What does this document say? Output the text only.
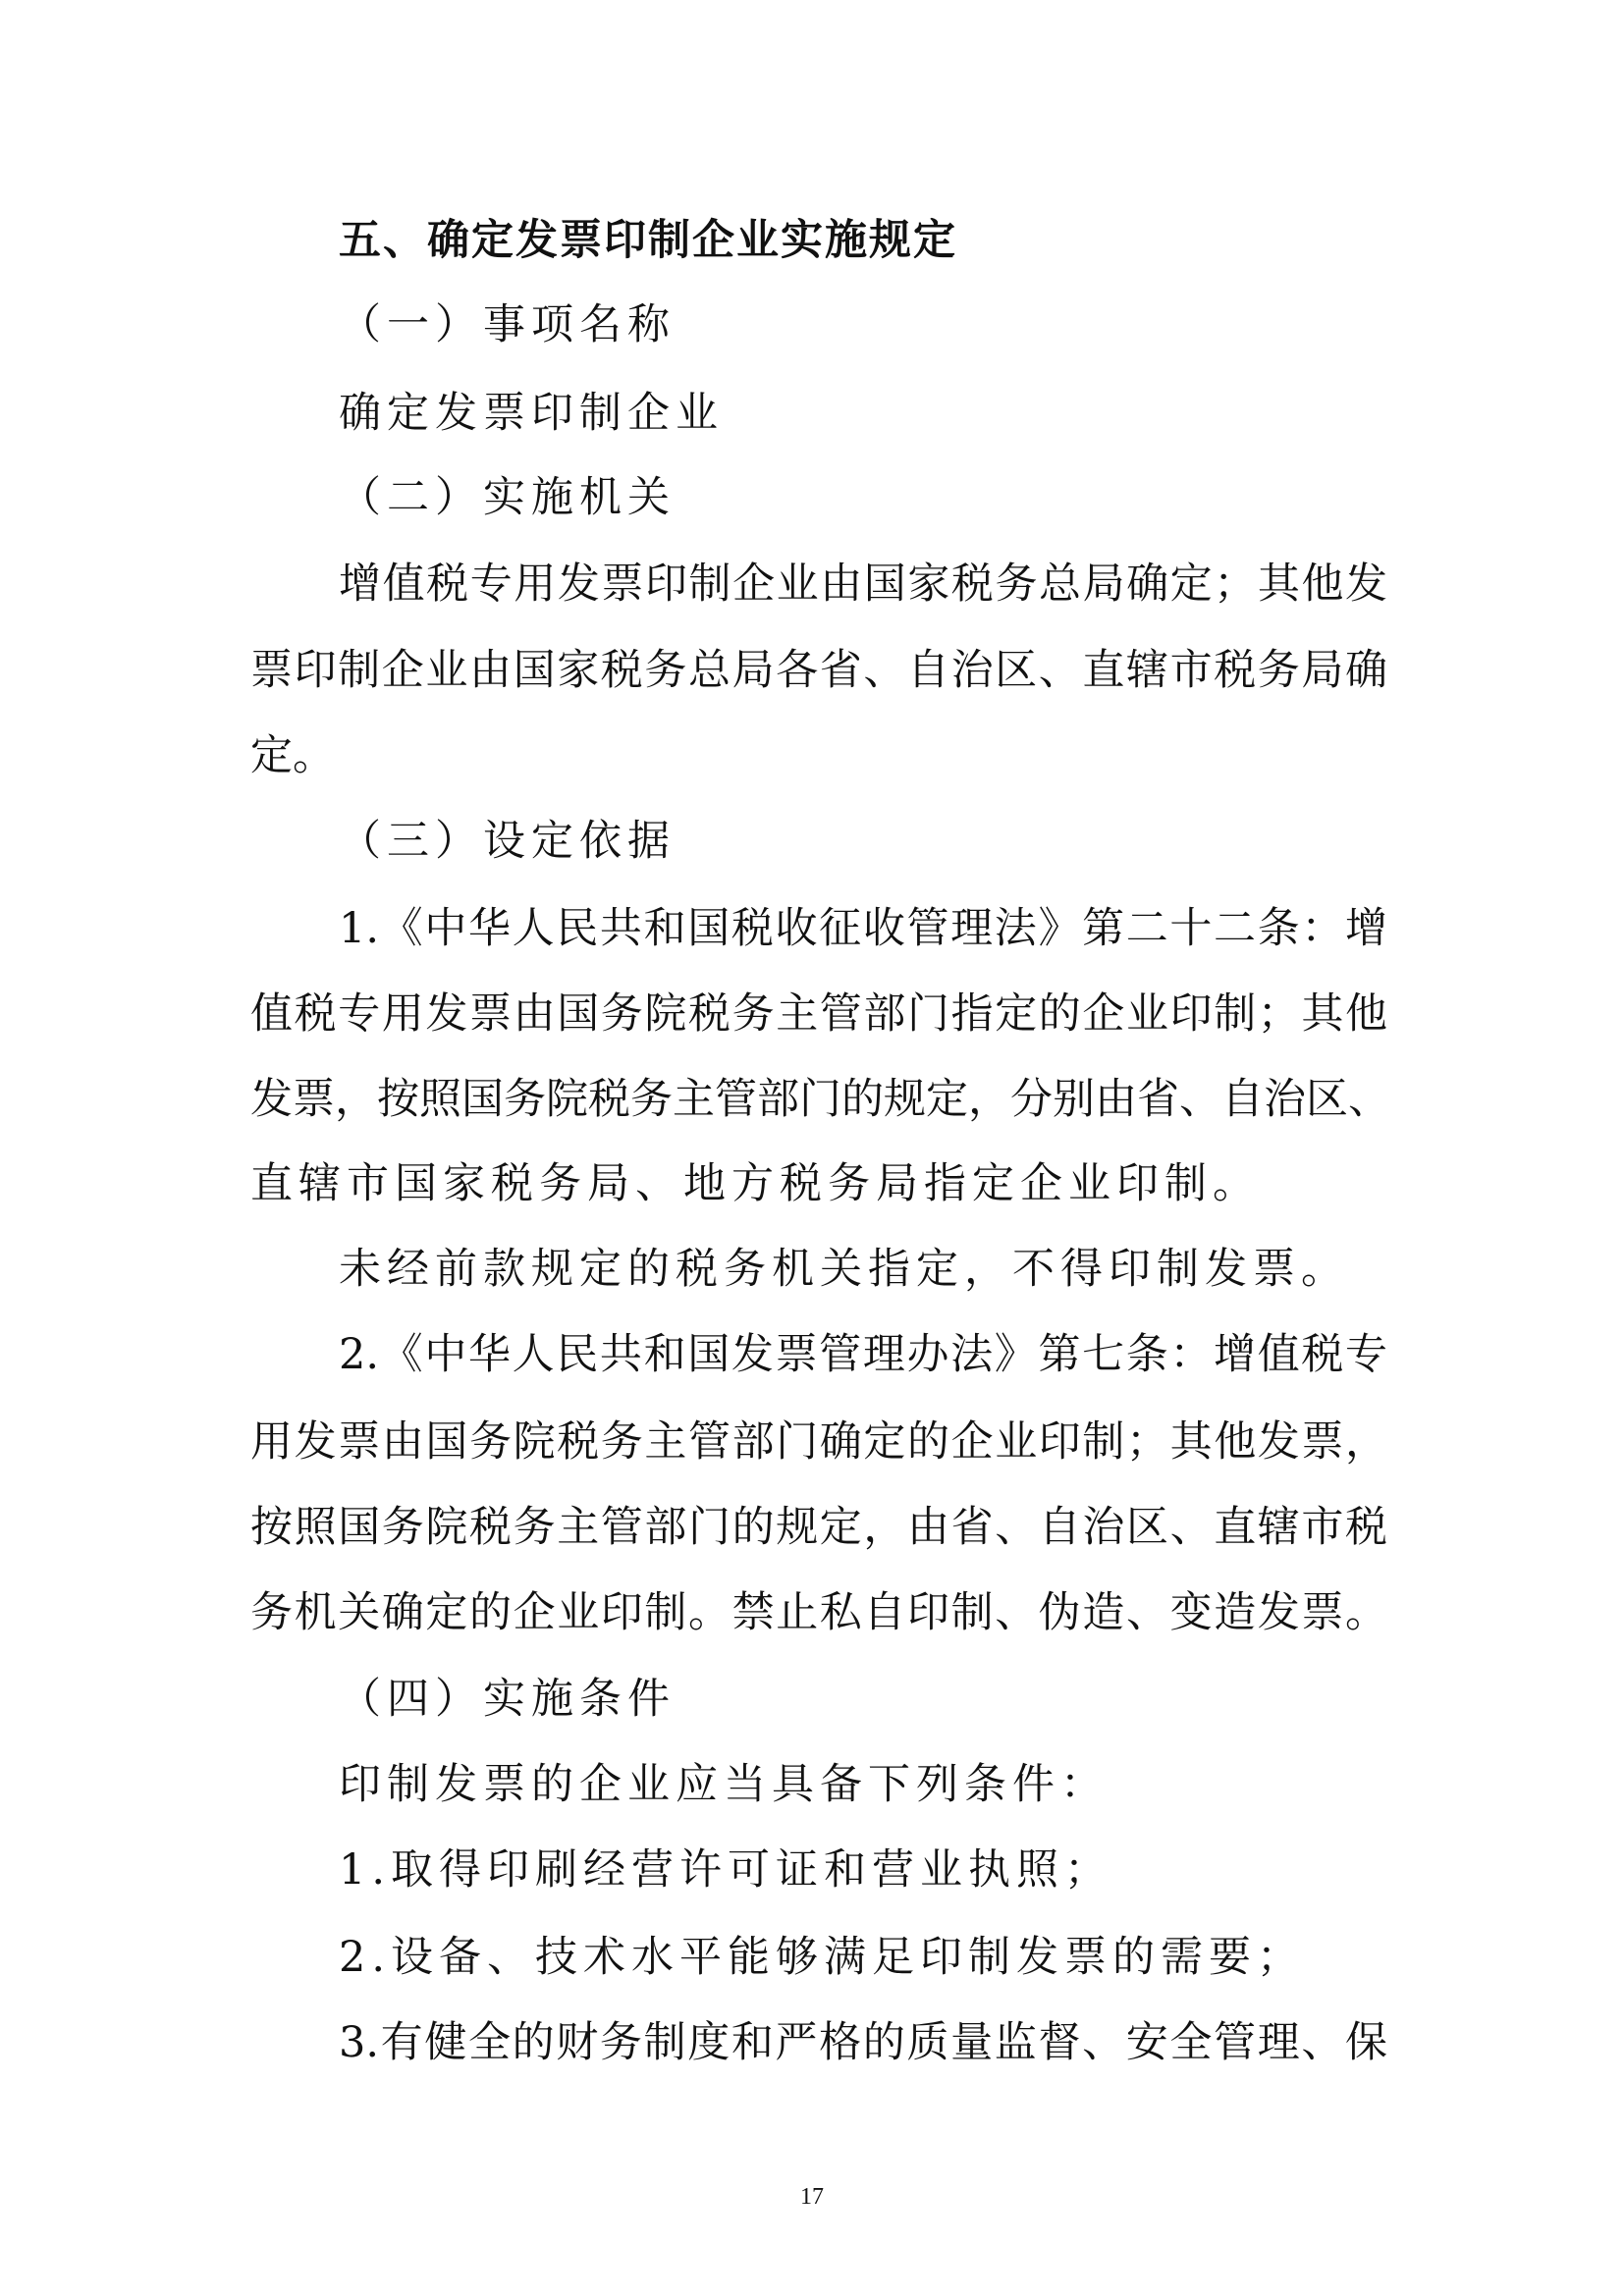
五、确定发票印制企业实施规定
（一）事项名称
确定发票印制企业
（二）实施机关
增值税专用发票印制企业由国家税务总局确定；其他发
票印制企业由国家税务总局各省、自治区、直辖市税务局确
定。
（三）设定依据
1.《中华人民共和国税收征收管理法》第二十二条：增
值税专用发票由国务院税务主管部门指定的企业印制；其他
发票，按照国务院税务主管部门的规定，分别由省、自治区、
直辖市国家税务局、地方税务局指定企业印制。
未经前款规定的税务机关指定，不得印制发票。
2.《中华人民共和国发票管理办法》第七条：增值税专
用发票由国务院税务主管部门确定的企业印制；其他发票，
按照国务院税务主管部门的规定，由省、自治区、直辖市税
务机关确定的企业印制。禁止私自印制、伪造、变造发票。
（四）实施条件
印制发票的企业应当具备下列条件：
1.取得印刷经营许可证和营业执照；
2.设备、技术水平能够满足印制发票的需要；
3.有健全的财务制度和严格的质量监督、安全管理、保
17
